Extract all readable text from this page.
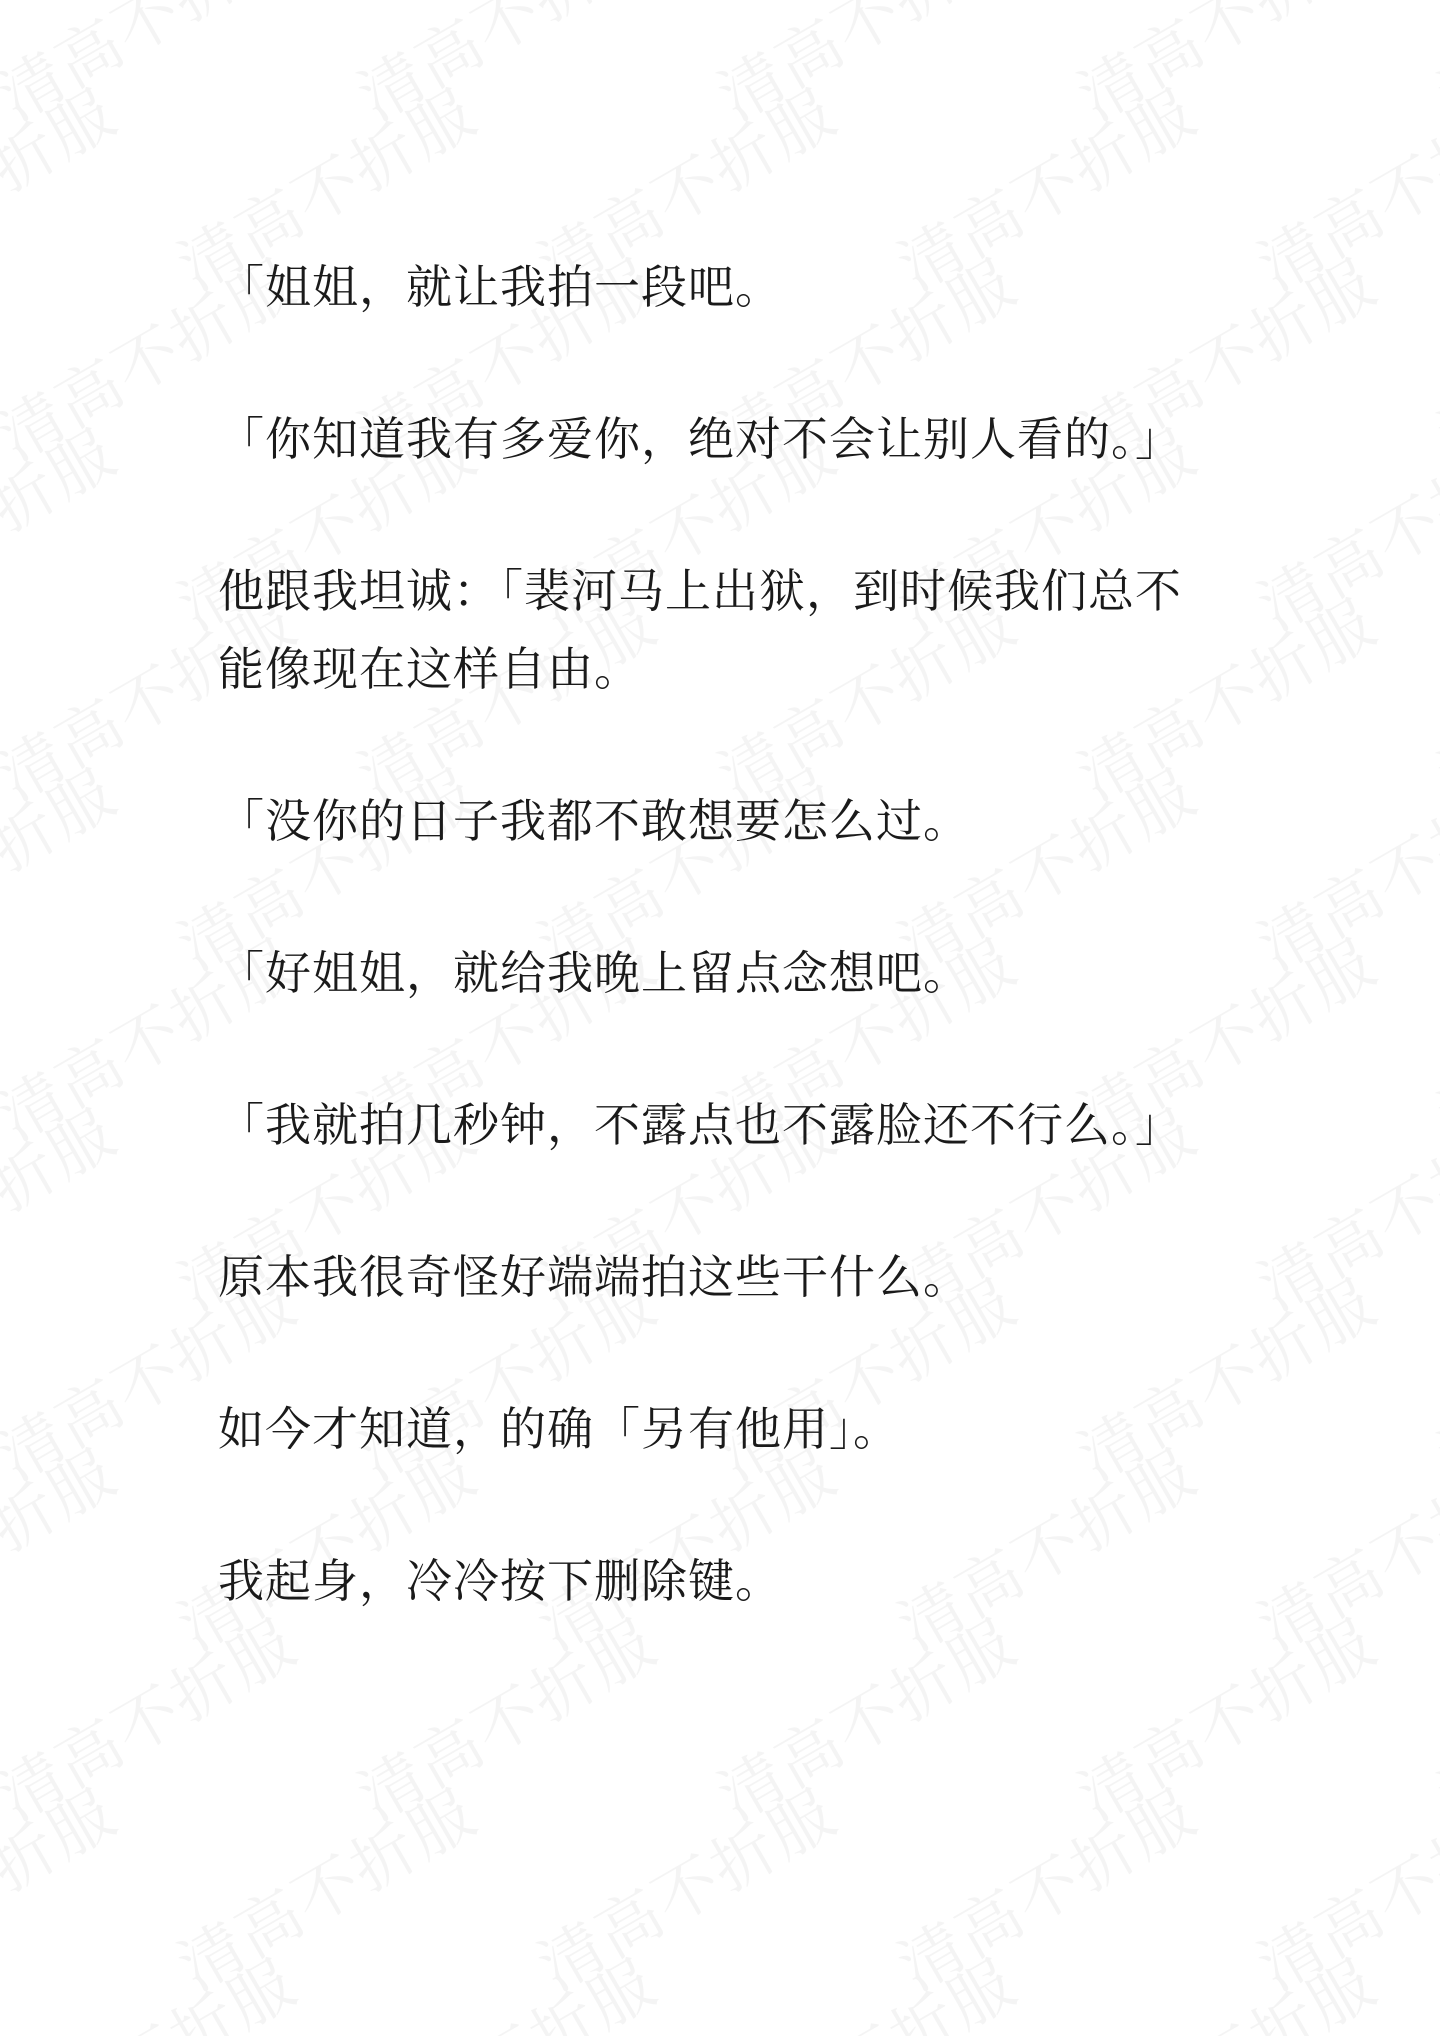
「姐姐，就让我拍一段吧。

「你知道我有多爱你，绝对不会让别人看的。」

他跟我坦诚：「裴河马上出狱，到时候我们总不能像现在这样自由。

「没你的日子我都不敢想要怎么过。

「好姐姐，就给我晚上留点念想吧。

「我就拍几秒钟，不露点也不露脸还不行么。」

原本我很奇怪好端端拍这些干什么。

如今才知道，的确「另有他用」。

我起身，冷冷按下删除键。
